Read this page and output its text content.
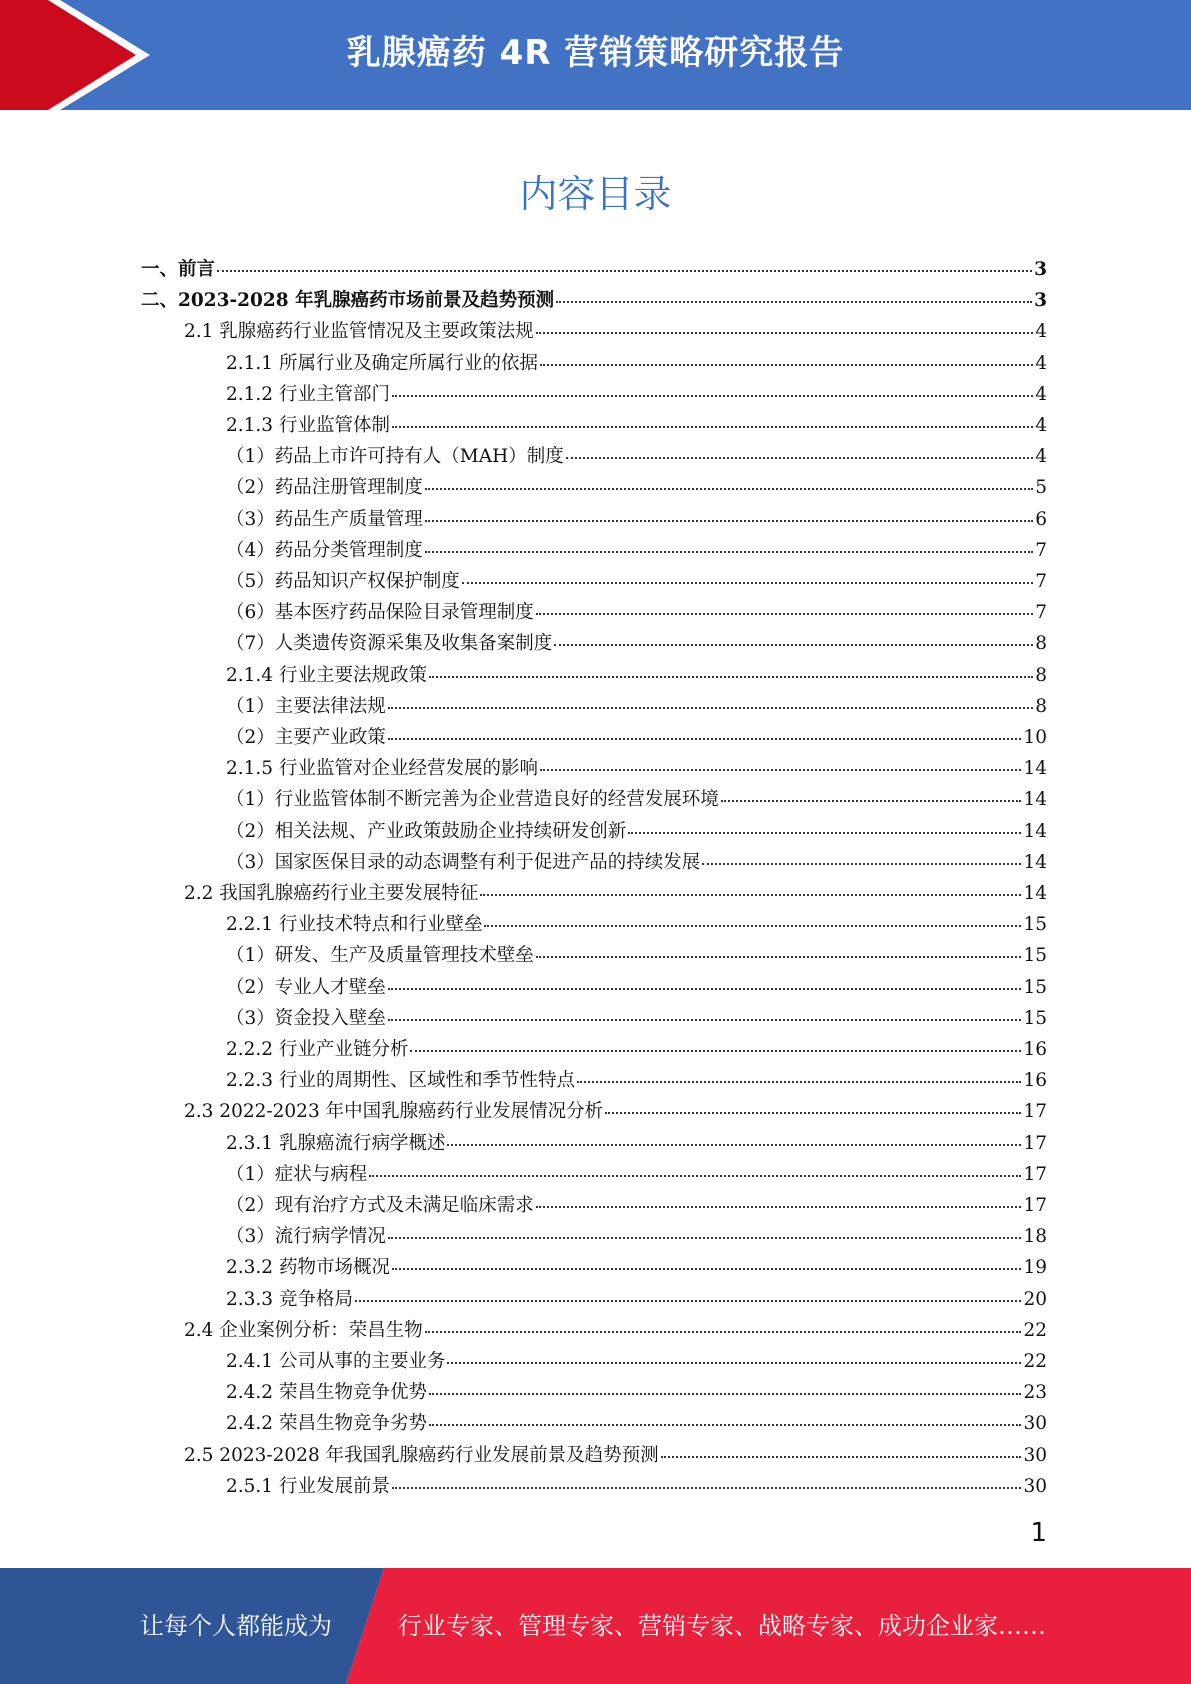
乳腺癌药 4R 营销策略研究报告
内容目录
一、前言	3
二、2023-2028 年乳腺癌药市场前景及趋势预测	3
2.1 乳腺癌药行业监管情况及主要政策法规	4
2.1.1 所属行业及确定所属行业的依据	4
2.1.2 行业主管部门	4
2.1.3 行业监管体制	4
（1）药品上市许可持有人（MAH）制度	4
（2）药品注册管理制度	5
（3）药品生产质量管理	6
（4）药品分类管理制度	7
（5）药品知识产权保护制度	7
（6）基本医疗药品保险目录管理制度	7
（7）人类遗传资源采集及收集备案制度	8
2.1.4 行业主要法规政策	8
（1）主要法律法规	8
（2）主要产业政策	10
2.1.5 行业监管对企业经营发展的影响	14
（1）行业监管体制不断完善为企业营造良好的经营发展环境	14
（2）相关法规、产业政策鼓励企业持续研发创新	14
（3）国家医保目录的动态调整有利于促进产品的持续发展	14
2.2 我国乳腺癌药行业主要发展特征	14
2.2.1 行业技术特点和行业壁垒	15
（1）研发、生产及质量管理技术壁垒	15
（2）专业人才壁垒	15
（3）资金投入壁垒	15
2.2.2 行业产业链分析	16
2.2.3 行业的周期性、区域性和季节性特点	16
2.3 2022-2023 年中国乳腺癌药行业发展情况分析	17
2.3.1 乳腺癌流行病学概述	17
（1）症状与病程	17
（2）现有治疗方式及未满足临床需求	17
（3）流行病学情况	18
2.3.2 药物市场概况	19
2.3.3 竞争格局	20
2.4 企业案例分析：荣昌生物	22
2.4.1 公司从事的主要业务	22
2.4.2 荣昌生物竞争优势	23
2.4.2 荣昌生物竞争劣势	30
2.5 2023-2028 年我国乳腺癌药行业发展前景及趋势预测	30
2.5.1 行业发展前景	30
1
让每个人都能成为	行业专家、管理专家、营销专家、战略专家、成功企业家……
